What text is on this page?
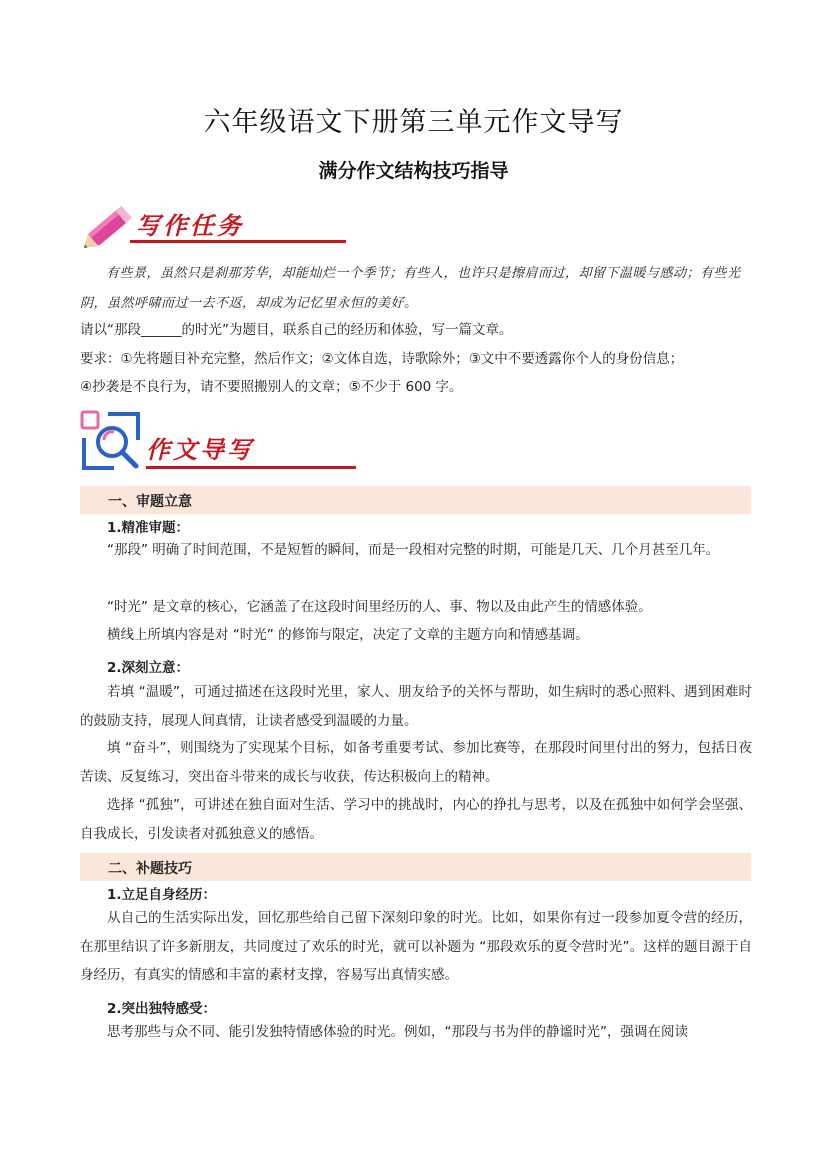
六年级语文下册第三单元作文导写
满分作文结构技巧指导
写作任务
有些景，虽然只是刹那芳华，却能灿烂一个季节；有些人，也许只是擦肩而过，却留下温暖与感动；有些光阴，虽然呼啸而过一去不返，却成为记忆里永恒的美好。
请以“那段______的时光”为题目，联系自己的经历和体验，写一篇文章。
要求：①先将题目补充完整，然后作文；②文体自选，诗歌除外；③文中不要透露你个人的身份信息；
④抄袭是不良行为，请不要照搬别人的文章；⑤不少于 600 字。
作文导写
一、审题立意
1.精准审题：
“那段” 明确了时间范围，不是短暂的瞬间，而是一段相对完整的时期，可能是几天、几个月甚至几年。
“时光” 是文章的核心，它涵盖了在这段时间里经历的人、事、物以及由此产生的情感体验。
横线上所填内容是对 “时光” 的修饰与限定，决定了文章的主题方向和情感基调。
2.深刻立意：
若填 “温暖”，可通过描述在这段时光里，家人、朋友给予的关怀与帮助，如生病时的悉心照料、遇到困难时的鼓励支持，展现人间真情，让读者感受到温暖的力量。
填 “奋斗”，则围绕为了实现某个目标，如备考重要考试、参加比赛等，在那段时间里付出的努力，包括日夜苦读、反复练习，突出奋斗带来的成长与收获，传达积极向上的精神。
选择 “孤独”，可讲述在独自面对生活、学习中的挑战时，内心的挣扎与思考，以及在孤独中如何学会坚强、自我成长，引发读者对孤独意义的感悟。
二、补题技巧
1.立足自身经历：
从自己的生活实际出发，回忆那些给自己留下深刻印象的时光。比如，如果你有过一段参加夏令营的经历，在那里结识了许多新朋友，共同度过了欢乐的时光，就可以补题为 “那段欢乐的夏令营时光”。这样的题目源于自身经历，有真实的情感和丰富的素材支撑，容易写出真情实感。
2.突出独特感受：
思考那些与众不同、能引发独特情感体验的时光。例如，“那段与书为伴的静谧时光”，强调在阅读
